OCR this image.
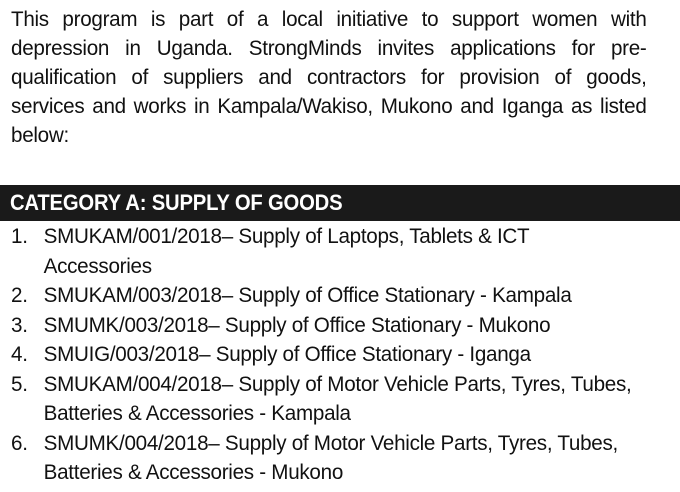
This program is part of a local initiative to support women with depression in Uganda. StrongMinds invites applications for pre-qualification of suppliers and contractors for provision of goods, services and works in Kampala/Wakiso, Mukono and Iganga as listed below:

CATEGORY A: SUPPLY OF GOODS
1. SMUKAM/001/2018– Supply of Laptops, Tablets & ICT Accessories
2. SMUKAM/003/2018– Supply of Office Stationary - Kampala
3. SMUMK/003/2018– Supply of Office Stationary - Mukono
4. SMUIG/003/2018– Supply of Office Stationary - Iganga
5. SMUKAM/004/2018– Supply of Motor Vehicle Parts, Tyres, Tubes, Batteries & Accessories - Kampala
6. SMUMK/004/2018– Supply of Motor Vehicle Parts, Tyres, Tubes, Batteries & Accessories - Mukono
